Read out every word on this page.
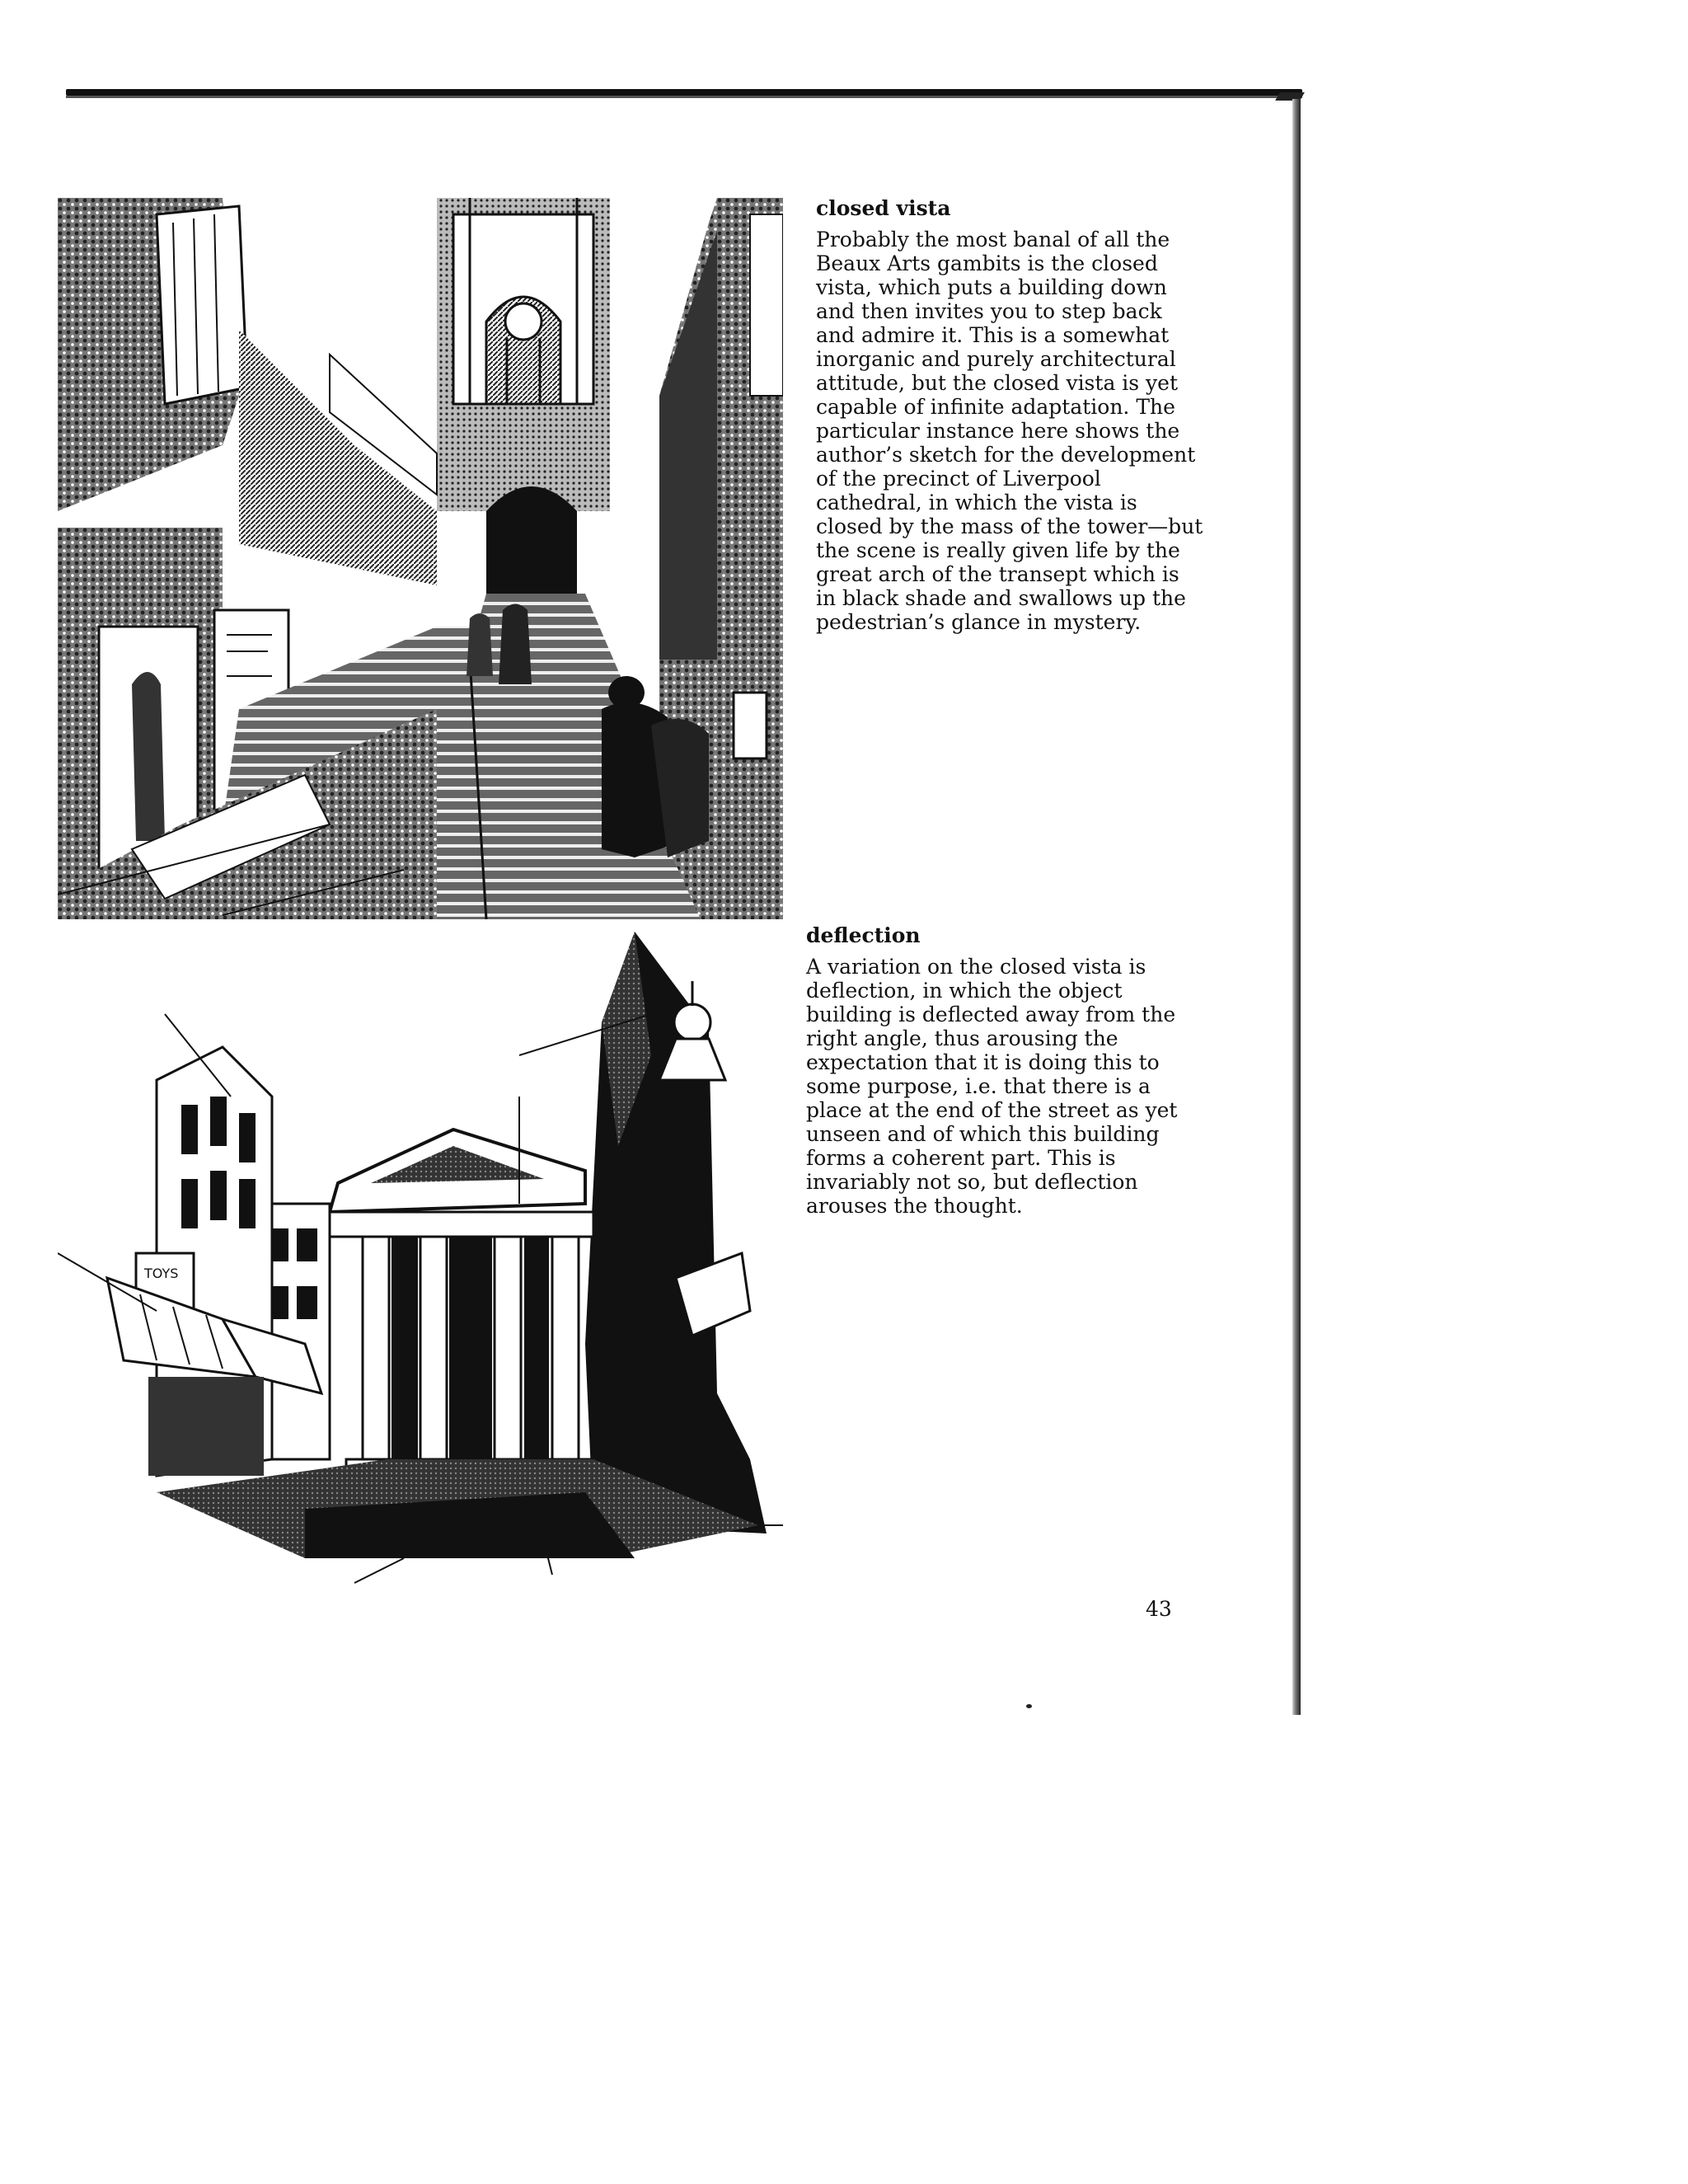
TOYS
closed vista

Probably the most banal of all the Beaux Arts gambits is the closed vista, which puts a building down and then invites you to step back and admire it. This is a somewhat inorganic and purely architectural attitude, but the closed vista is yet capable of infinite adaptation. The particular instance here shows the author’s sketch for the development of the precinct of Liverpool cathedral, in which the vista is closed by the mass of the tower—but the scene is really given life by the great arch of the transept which is in black shade and swallows up the pedestrian’s glance in mystery.

deflection

A variation on the closed vista is deflection, in which the object building is deflected away from the right angle, thus arousing the expectation that it is doing this to some purpose, i.e. that there is a place at the end of the street as yet unseen and of which this building forms a coherent part. This is invariably not so, but deflection arouses the thought.

43
